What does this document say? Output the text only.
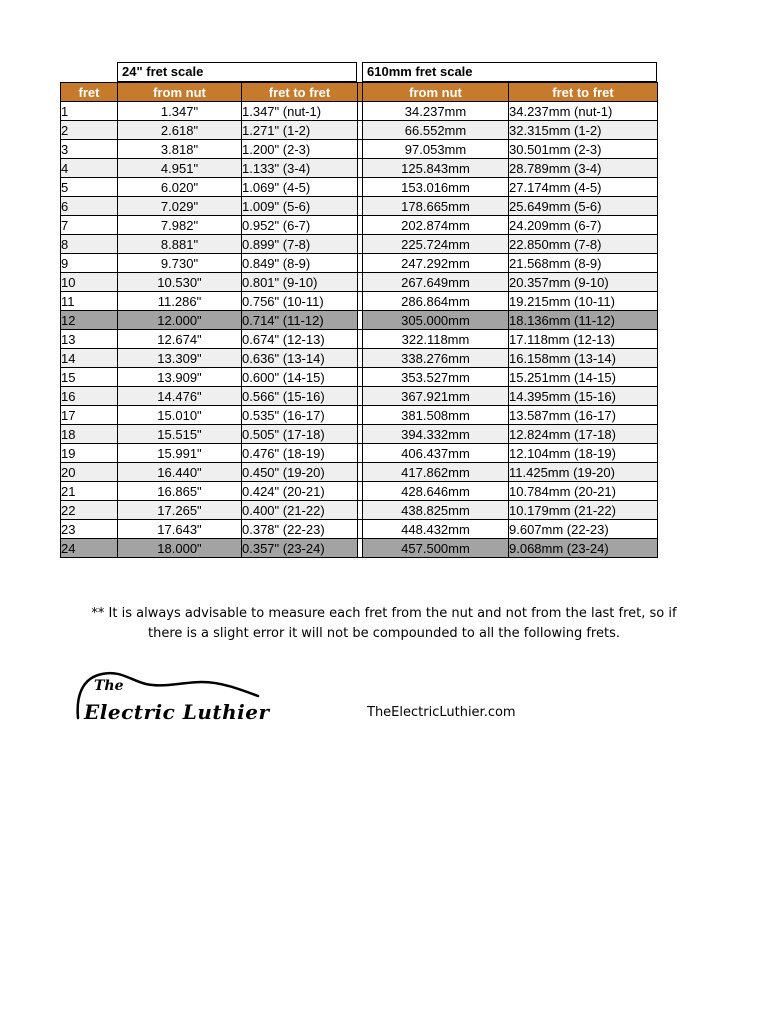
24" fret scale	610mm fret scale
fret	from nut	fret to fret		from nut	fret to fret
1	1.347"	1.347" (nut-1)		34.237mm	34.237mm (nut-1)
2	2.618"	1.271" (1-2)		66.552mm	32.315mm (1-2)
3	3.818"	1.200" (2-3)		97.053mm	30.501mm (2-3)
4	4.951"	1.133" (3-4)		125.843mm	28.789mm (3-4)
5	6.020"	1.069" (4-5)		153.016mm	27.174mm (4-5)
6	7.029"	1.009" (5-6)		178.665mm	25.649mm (5-6)
7	7.982"	0.952" (6-7)		202.874mm	24.209mm (6-7)
8	8.881"	0.899" (7-8)		225.724mm	22.850mm (7-8)
9	9.730"	0.849" (8-9)		247.292mm	21.568mm (8-9)
10	10.530"	0.801" (9-10)		267.649mm	20.357mm (9-10)
11	11.286"	0.756" (10-11)		286.864mm	19.215mm (10-11)
12	12.000"	0.714" (11-12)		305.000mm	18.136mm (11-12)
13	12.674"	0.674" (12-13)		322.118mm	17.118mm (12-13)
14	13.309"	0.636" (13-14)		338.276mm	16.158mm (13-14)
15	13.909"	0.600" (14-15)		353.527mm	15.251mm (14-15)
16	14.476"	0.566" (15-16)		367.921mm	14.395mm (15-16)
17	15.010"	0.535" (16-17)		381.508mm	13.587mm (16-17)
18	15.515"	0.505" (17-18)		394.332mm	12.824mm (17-18)
19	15.991"	0.476" (18-19)		406.437mm	12.104mm (18-19)
20	16.440"	0.450" (19-20)		417.862mm	11.425mm (19-20)
21	16.865"	0.424" (20-21)		428.646mm	10.784mm (20-21)
22	17.265"	0.400" (21-22)		438.825mm	10.179mm (21-22)
23	17.643"	0.378" (22-23)		448.432mm	9.607mm (22-23)
24	18.000"	0.357" (23-24)		457.500mm	9.068mm (23-24)
** It is always advisable to measure each fret from the nut and not from the last fret, so if
there is a slight error it will not be compounded to all the following frets.
The
Electric Luthier	TheElectricLuthier.com
